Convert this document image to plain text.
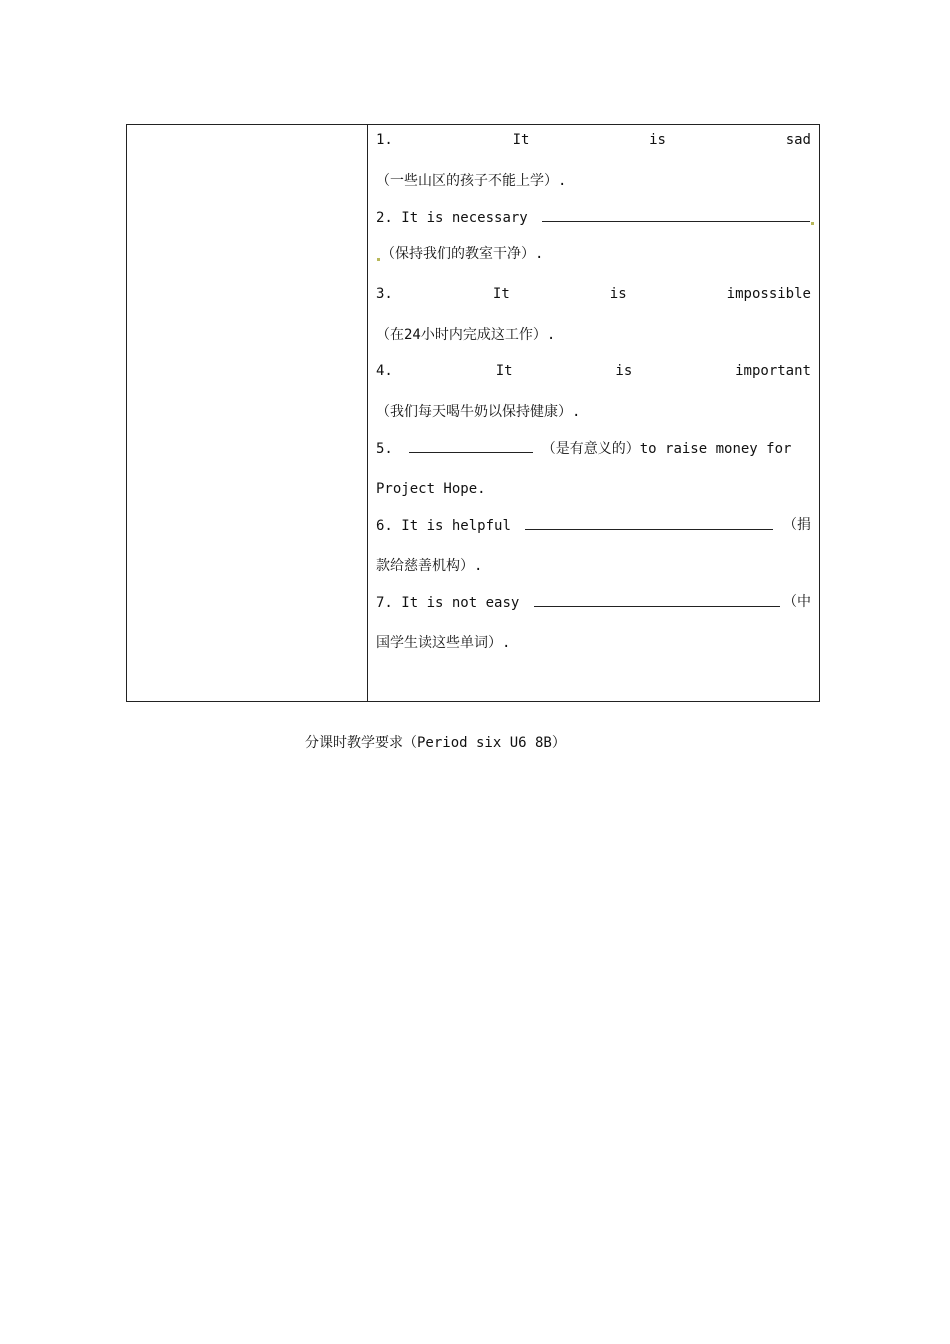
1.	It	is	sad
（一些山区的孩子不能上学）.
2. It is necessary
（保持我们的教室干净）.
3.	It	is	impossible
（在24小时内完成这工作）.
4.	It	is	important
（我们每天喝牛奶以保持健康）.
5.	（是有意义的）to raise money for
Project Hope.
6. It is helpful	（捐
款给慈善机构）.
7. It is not easy	（中
国学生读这些单词）.
分课时教学要求（Period six U6 8B）
